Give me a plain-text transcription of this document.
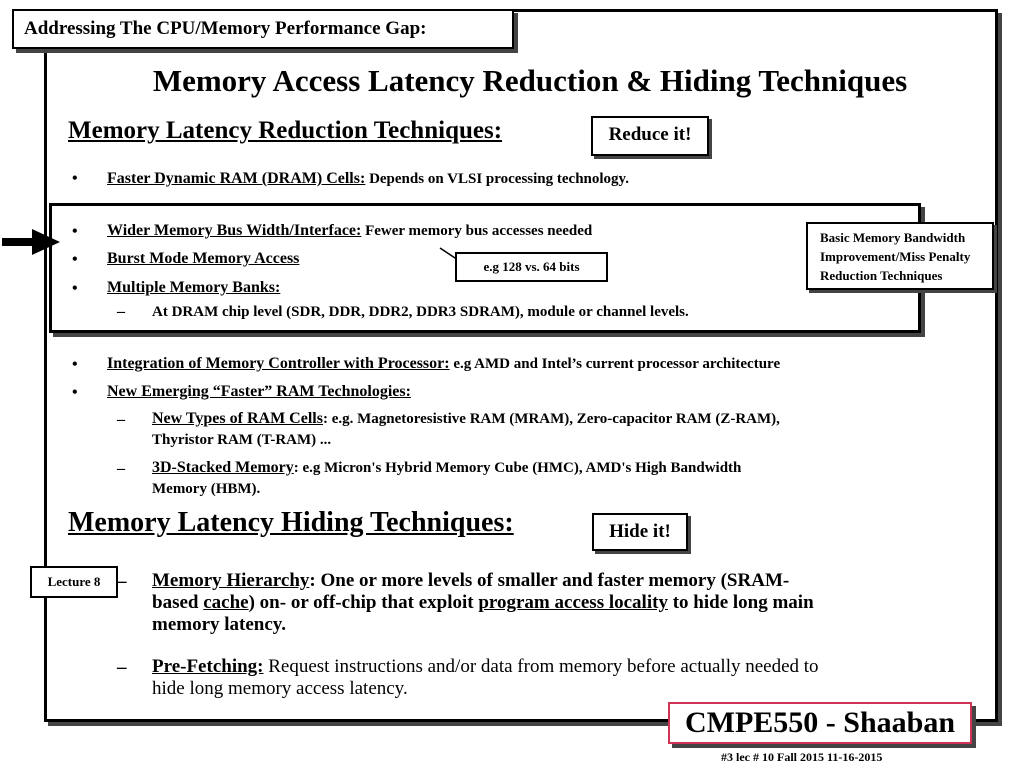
Addressing The CPU/Memory Performance Gap:
Memory Access Latency Reduction & Hiding Techniques
Memory Latency Reduction Techniques:	Reduce it!
• Faster Dynamic RAM (DRAM) Cells: Depends on VLSI processing technology.
• Wider Memory Bus Width/Interface: Fewer memory bus accesses needed
• Burst Mode Memory Access	e.g 128 vs. 64 bits
• Multiple Memory Banks:
– At DRAM chip level (SDR, DDR, DDR2, DDR3 SDRAM), module or channel levels.
Basic Memory Bandwidth
Improvement/Miss Penalty
Reduction Techniques
• Integration of Memory Controller with Processor: e.g AMD and Intel’s current processor architecture
• New Emerging “Faster” RAM Technologies:
– New Types of RAM Cells: e.g. Magnetoresistive RAM (MRAM), Zero-capacitor RAM (Z-RAM),
Thyristor RAM (T-RAM) ...
– 3D-Stacked Memory: e.g Micron's Hybrid Memory Cube (HMC), AMD's High Bandwidth
Memory (HBM).
Memory Latency Hiding Techniques:	Hide it!
Lecture 8 – Memory Hierarchy: One or more levels of smaller and faster memory (SRAM-
based cache) on- or off-chip that exploit program access locality to hide long main
memory latency.
– Pre-Fetching: Request instructions and/or data from memory before actually needed to
hide long memory access latency.
CMPE550 - Shaaban
#3 lec # 10 Fall 2015 11-16-2015
